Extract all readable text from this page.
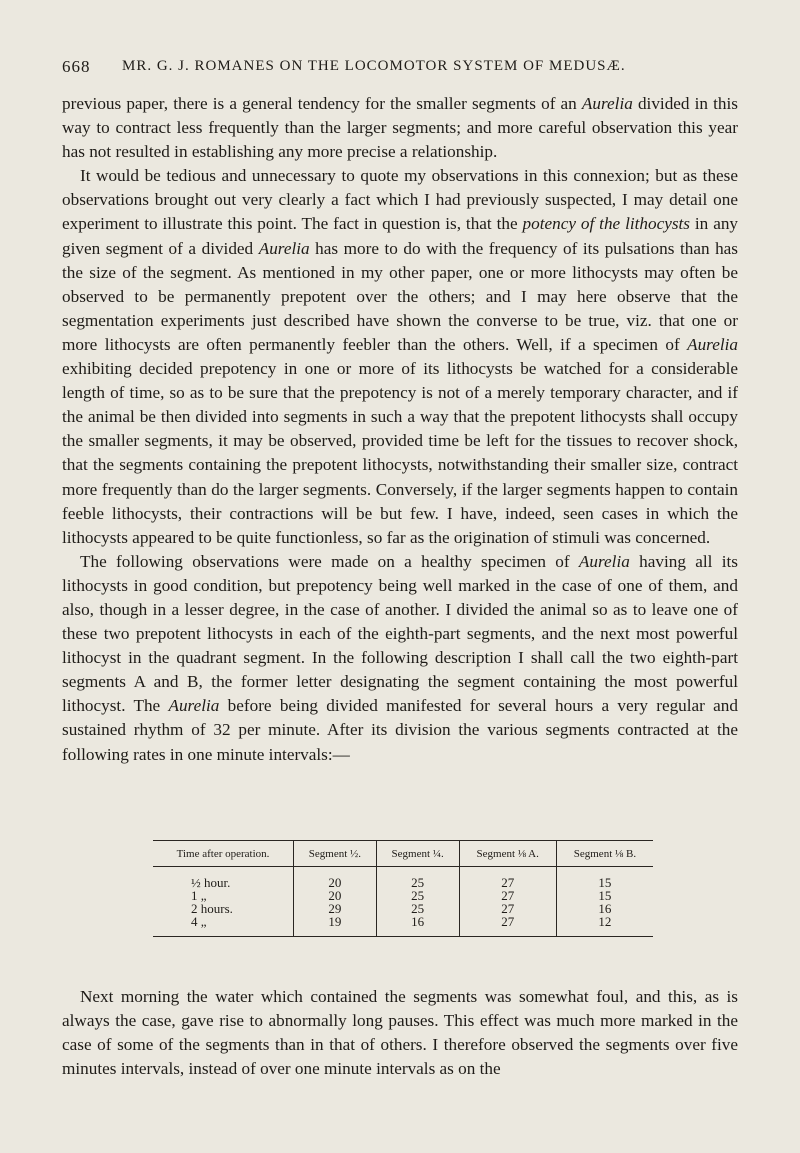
668 MR. G. J. ROMANES ON THE LOCOMOTOR SYSTEM OF MEDUSÆ.

previous paper, there is a general tendency for the smaller segments of an Aurelia divided in this way to contract less frequently than the larger segments; and more careful observation this year has not resulted in establishing any more precise a relationship.

It would be tedious and unnecessary to quote my observations in this connexion; but as these observations brought out very clearly a fact which I had previously suspected, I may detail one experiment to illustrate this point. The fact in question is, that the potency of the lithocysts in any given segment of a divided Aurelia has more to do with the frequency of its pulsations than has the size of the segment. As mentioned in my other paper, one or more lithocysts may often be observed to be permanently prepotent over the others; and I may here observe that the segmentation experiments just described have shown the converse to be true, viz. that one or more lithocysts are often permanently feebler than the others. Well, if a specimen of Aurelia exhibiting decided prepotency in one or more of its lithocysts be watched for a considerable length of time, so as to be sure that the prepotency is not of a merely temporary character, and if the animal be then divided into segments in such a way that the prepotent lithocysts shall occupy the smaller segments, it may be observed, provided time be left for the tissues to recover shock, that the segments containing the prepotent lithocysts, notwithstanding their smaller size, contract more frequently than do the larger segments. Conversely, if the larger segments happen to contain feeble lithocysts, their contractions will be but few. I have, indeed, seen cases in which the lithocysts appeared to be quite functionless, so far as the origination of stimuli was concerned.

The following observations were made on a healthy specimen of Aurelia having all its lithocysts in good condition, but prepotency being well marked in the case of one of them, and also, though in a lesser degree, in the case of another. I divided the animal so as to leave one of these two prepotent lithocysts in each of the eighth-part segments, and the next most powerful lithocyst in the quadrant segment. In the following description I shall call the two eighth-part segments A and B, the former letter designating the segment containing the most powerful lithocyst. The Aurelia before being divided manifested for several hours a very regular and sustained rhythm of 32 per minute. After its division the various segments contracted at the following rates in one minute intervals:—

Time after operation.	Segment ½.	Segment ¼.	Segment ⅛ A.	Segment ⅛ B.
½ hour.	20	25	27	15
1 „	20	25	27	15
2 hours.	29	25	27	16
4 „	19	16	27	12

Next morning the water which contained the segments was somewhat foul, and this, as is always the case, gave rise to abnormally long pauses. This effect was much more marked in the case of some of the segments than in that of others. I therefore observed the segments over five minutes intervals, instead of over one minute intervals as on the
